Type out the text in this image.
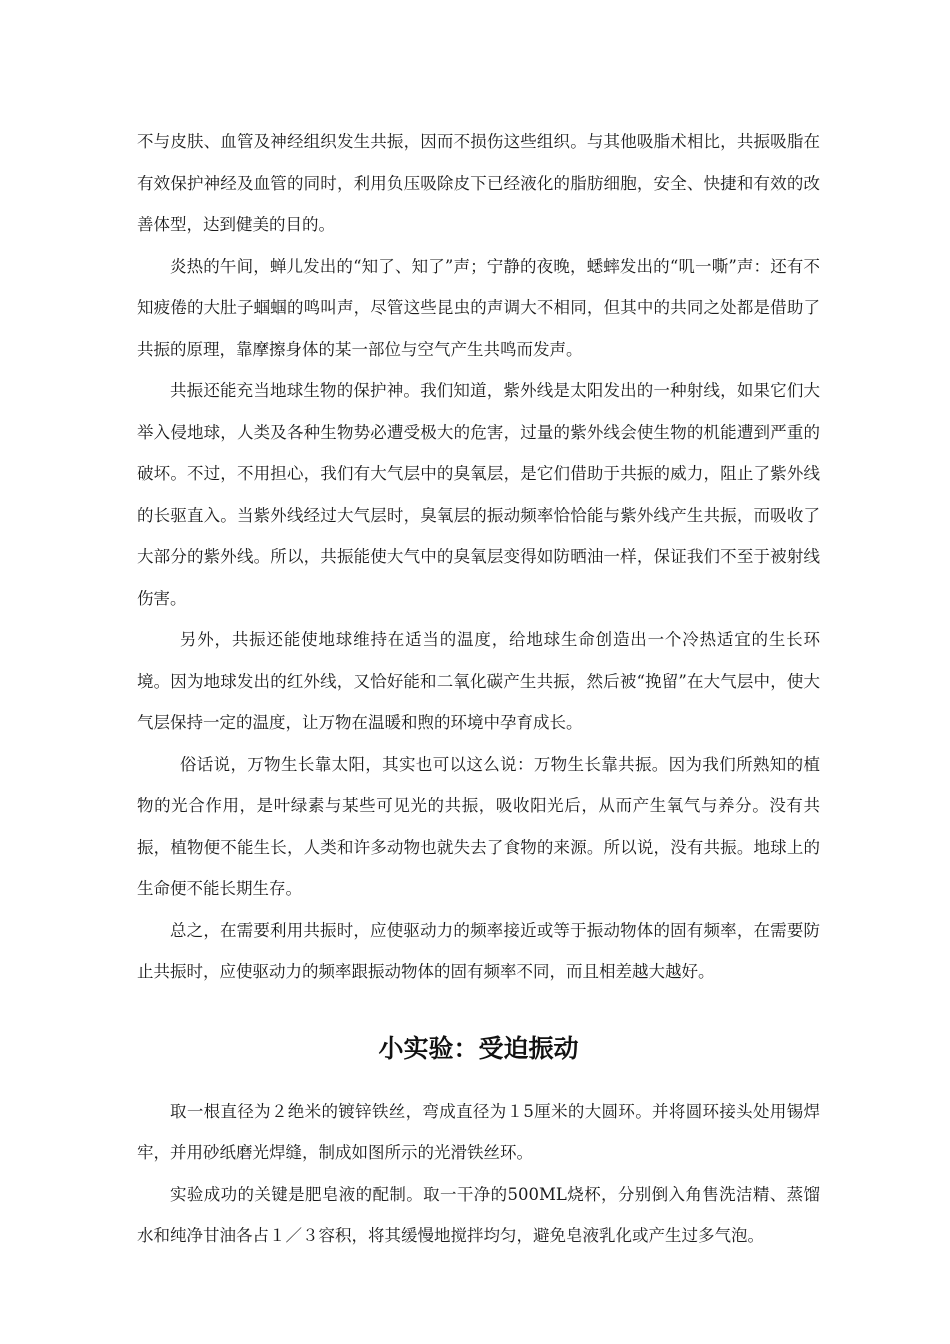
不与皮肤、血管及神经组织发生共振，因而不损伤这些组织。与其他吸脂术相比，共振吸脂在有效保护神经及血管的同时，利用负压吸除皮下已经液化的脂肪细胞，安全、快捷和有效的改善体型，达到健美的目的。

炎热的午间，蝉儿发出的“知了、知了”声；宁静的夜晚，蟋蟀发出的“叽一嘶”声：还有不知疲倦的大肚子蝈蝈的鸣叫声，尽管这些昆虫的声调大不相同，但其中的共同之处都是借助了共振的原理，靠摩擦身体的某一部位与空气产生共鸣而发声。

共振还能充当地球生物的保护神。我们知道，紫外线是太阳发出的一种射线，如果它们大举入侵地球，人类及各种生物势必遭受极大的危害，过量的紫外线会使生物的机能遭到严重的破坏。不过，不用担心，我们有大气层中的臭氧层，是它们借助于共振的威力，阻止了紫外线的长驱直入。当紫外线经过大气层时，臭氧层的振动频率恰恰能与紫外线产生共振，而吸收了大部分的紫外线。所以，共振能使大气中的臭氧层变得如防晒油一样，保证我们不至于被射线伤害。

另外，共振还能使地球维持在适当的温度，给地球生命创造出一个冷热适宜的生长环境。因为地球发出的红外线，又恰好能和二氧化碳产生共振，然后被“挽留”在大气层中，使大气层保持一定的温度，让万物在温暖和煦的环境中孕育成长。

俗话说，万物生长靠太阳，其实也可以这么说：万物生长靠共振。因为我们所熟知的植物的光合作用，是叶绿素与某些可见光的共振，吸收阳光后，从而产生氧气与养分。没有共振，植物便不能生长，人类和许多动物也就失去了食物的来源。所以说，没有共振。地球上的生命便不能长期生存。

总之，在需要利用共振时，应使驱动力的频率接近或等于振动物体的固有频率，在需要防止共振时，应使驱动力的频率跟振动物体的固有频率不同，而且相差越大越好。

小实验：受迫振动

取一根直径为２绝米的镀锌铁丝，弯成直径为１5厘米的大圆环。并将圆环接头处用锡焊牢，并用砂纸磨光焊缝，制成如图所示的光滑铁丝环。

实验成功的关键是肥皂液的配制。取一干净的500ML烧杯，分别倒入角售洗洁精、蒸馏水和纯净甘油各占１／３容积，将其缓慢地搅拌均匀，避免皂液乳化或产生过多气泡。
